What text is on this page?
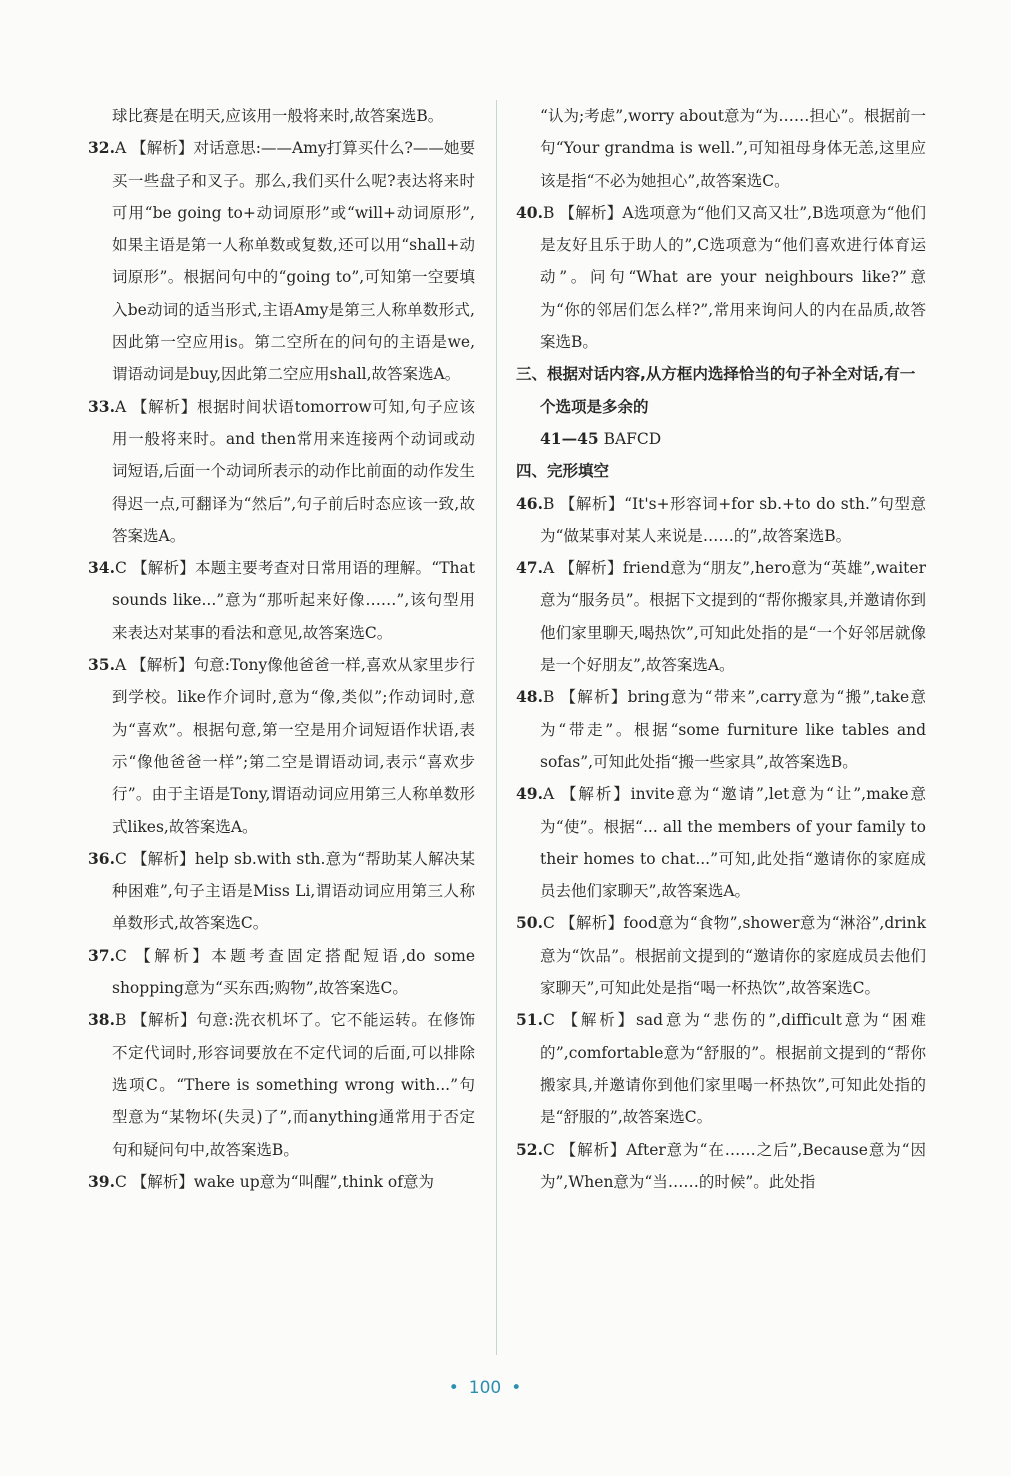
球比赛是在明天,应该用一般将来时,故答案选B。

32.A 【解析】对话意思:——Amy打算买什么?——她要买一些盘子和叉子。那么,我们买什么呢?表达将来时可用“be going to+动词原形”或“will+动词原形”,如果主语是第一人称单数或复数,还可以用“shall+动词原形”。根据问句中的“going to”,可知第一空要填入be动词的适当形式,主语Amy是第三人称单数形式,因此第一空应用is。第二空所在的问句的主语是we,谓语动词是buy,因此第二空应用shall,故答案选A。

33.A 【解析】根据时间状语tomorrow可知,句子应该用一般将来时。and then常用来连接两个动词或动词短语,后面一个动词所表示的动作比前面的动作发生得迟一点,可翻译为“然后”,句子前后时态应该一致,故答案选A。

34.C 【解析】本题主要考查对日常用语的理解。“That sounds like...”意为“那听起来好像……”,该句型用来表达对某事的看法和意见,故答案选C。

35.A 【解析】句意:Tony像他爸爸一样,喜欢从家里步行到学校。like作介词时,意为“像,类似”;作动词时,意为“喜欢”。根据句意,第一空是用介词短语作状语,表示“像他爸爸一样”;第二空是谓语动词,表示“喜欢步行”。由于主语是Tony,谓语动词应用第三人称单数形式likes,故答案选A。

36.C 【解析】help sb.with sth.意为“帮助某人解决某种困难”,句子主语是Miss Li,谓语动词应用第三人称单数形式,故答案选C。

37.C 【解析】本题考查固定搭配短语,do some shopping意为“买东西;购物”,故答案选C。

38.B 【解析】句意:洗衣机坏了。它不能运转。在修饰不定代词时,形容词要放在不定代词的后面,可以排除选项C。“There is something wrong with...”句型意为“某物坏(失灵)了”,而anything通常用于否定句和疑问句中,故答案选B。

39.C 【解析】wake up意为“叫醒”,think of意为

“认为;考虑”,worry about意为“为……担心”。根据前一句“Your grandma is well.”,可知祖母身体无恙,这里应该是指“不必为她担心”,故答案选C。

40.B 【解析】A选项意为“他们又高又壮”,B选项意为“他们是友好且乐于助人的”,C选项意为“他们喜欢进行体育运动”。问句“What are your neighbours like?”意为“你的邻居们怎么样?”,常用来询问人的内在品质,故答案选B。

三、根据对话内容,从方框内选择恰当的句子补全对话,有一个选项是多余的

41—45 BAFCD

四、完形填空

46.B 【解析】“It's+形容词+for sb.+to do sth.”句型意为“做某事对某人来说是……的”,故答案选B。

47.A 【解析】friend意为“朋友”,hero意为“英雄”,waiter意为“服务员”。根据下文提到的“帮你搬家具,并邀请你到他们家里聊天,喝热饮”,可知此处指的是“一个好邻居就像是一个好朋友”,故答案选A。

48.B 【解析】bring意为“带来”,carry意为“搬”,take意为“带走”。根据“some furniture like tables and sofas”,可知此处指“搬一些家具”,故答案选B。

49.A 【解析】invite意为“邀请”,let意为“让”,make意为“使”。根据“... all the members of your family to their homes to chat...”可知,此处指“邀请你的家庭成员去他们家聊天”,故答案选A。

50.C 【解析】food意为“食物”,shower意为“淋浴”,drink意为“饮品”。根据前文提到的“邀请你的家庭成员去他们家聊天”,可知此处是指“喝一杯热饮”,故答案选C。

51.C 【解析】sad意为“悲伤的”,difficult意为“困难的”,comfortable意为“舒服的”。根据前文提到的“帮你搬家具,并邀请你到他们家里喝一杯热饮”,可知此处指的是“舒服的”,故答案选C。

52.C 【解析】After意为“在……之后”,Because意为“因为”,When意为“当……的时候”。此处指

• 100 •
